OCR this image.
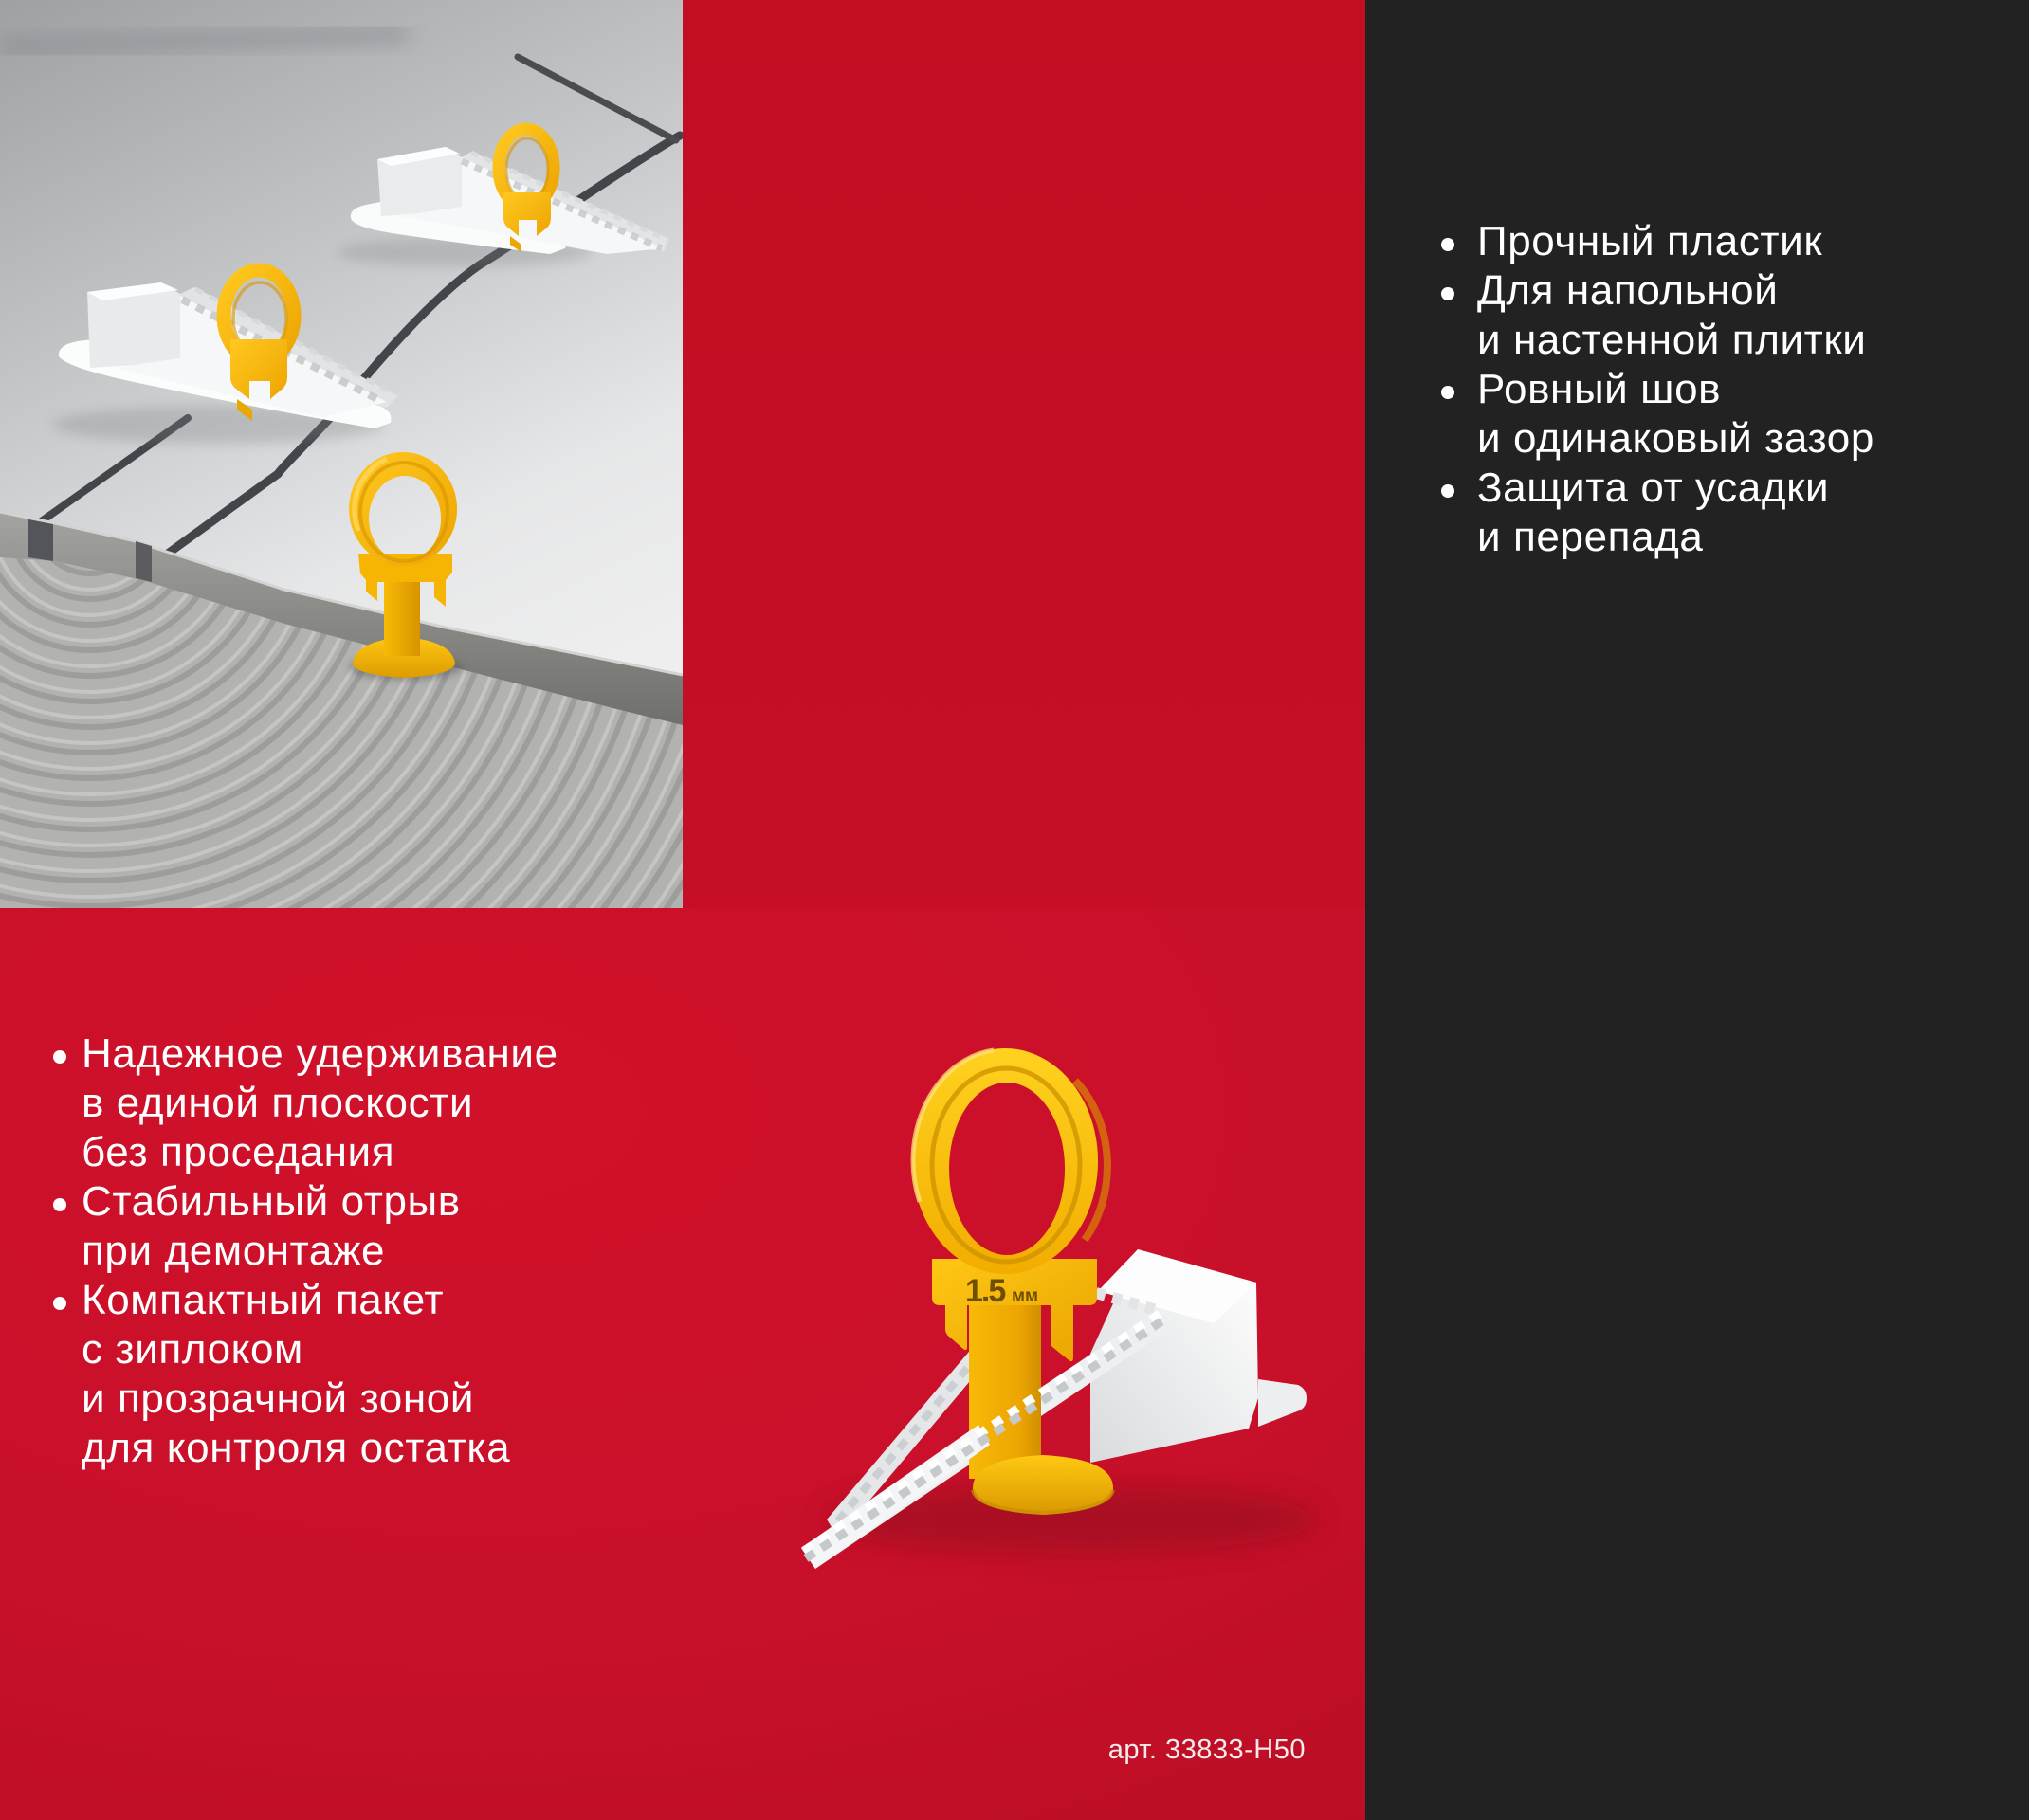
Прочный пластик
Для напольной
и настенной плитки
Ровный шов
и одинаковый зазор
Защита от усадки
и перепада
Надежное удерживание
в единой плоскости
без проседания
Стабильный отрыв
при демонтаже
Компактный пакет
с зиплоком
и прозрачной зоной
для контроля остатка
1.5 мм
арт. 33833-H50
